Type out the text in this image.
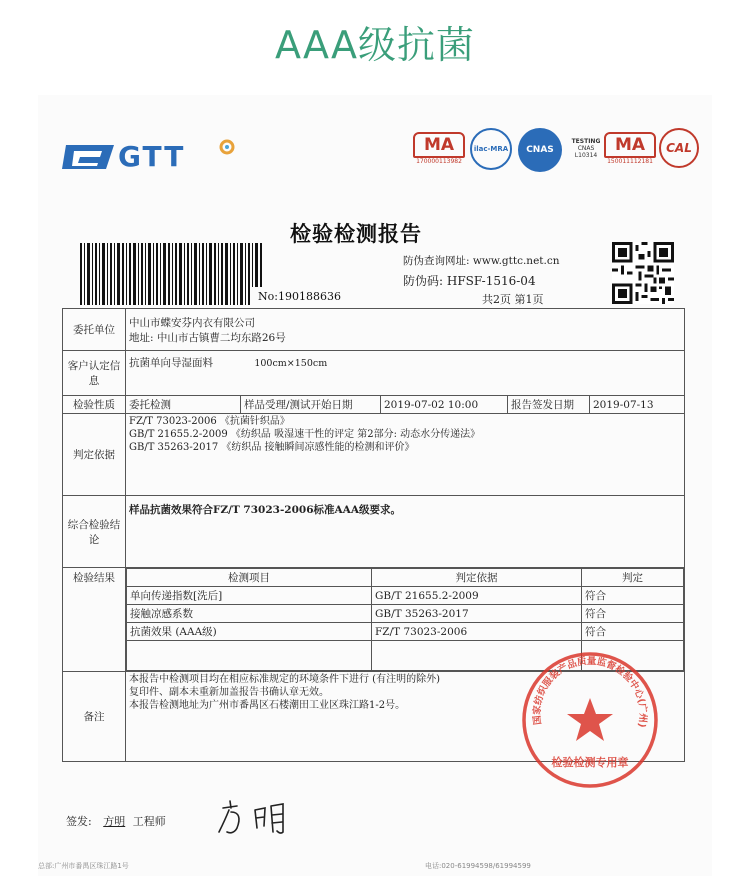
AAA级抗菌
GTT	MA
170000113982
ilac-MRA CNAS
TESTING
CNAS L10314
MA
150011112181
CAL
检验检测报告
No:190188636
防伪查询网址: www.gttc.net.cn
防伪码: HFSF-1516-04
共2页 第1页
委托单位	
中山市蝶安芬内衣有限公司
地址: 中山市古镇曹二均东路26号

客户认定信息	抗菌单向导湿面料	100cm×150cm
检验性质	委托检测	样品受理/测试开始日期	2019-07-02 10:00	报告签发日期	2019-07-13
判定依据	
FZ/T 73023-2006 《抗菌针织品》
GB/T 21655.2-2009 《纺织品 吸湿速干性的评定 第2部分: 动态水分传递法》
GB/T 35263-2017 《纺织品 接触瞬间凉感性能的检测和评价》

综合检验结论	样品抗菌效果符合FZ/T 73023-2006标准AAA级要求。
检验结果		检测项目	判定依据	判定
单向传递指数[洗后]	GB/T 21655.2-2009	符合
接触凉感系数	GB/T 35263-2017	符合
抗菌效果 (AAA级)	FZ/T 73023-2006	符合

备注	
本报告中检测项目均在相应标准规定的环境条件下进行 (有注明的除外)
复印件、副本未重新加盖报告书确认章无效。
本报告检测地址为广州市番禺区石楼潮田工业区珠江路1-2号。
国家纺织服装产品质量监督检验中心(广州)
检验检测专用章
签发: 方明 工程师
总部:广州市番禺区珠江路1号	电话:020-61994598/61994599
